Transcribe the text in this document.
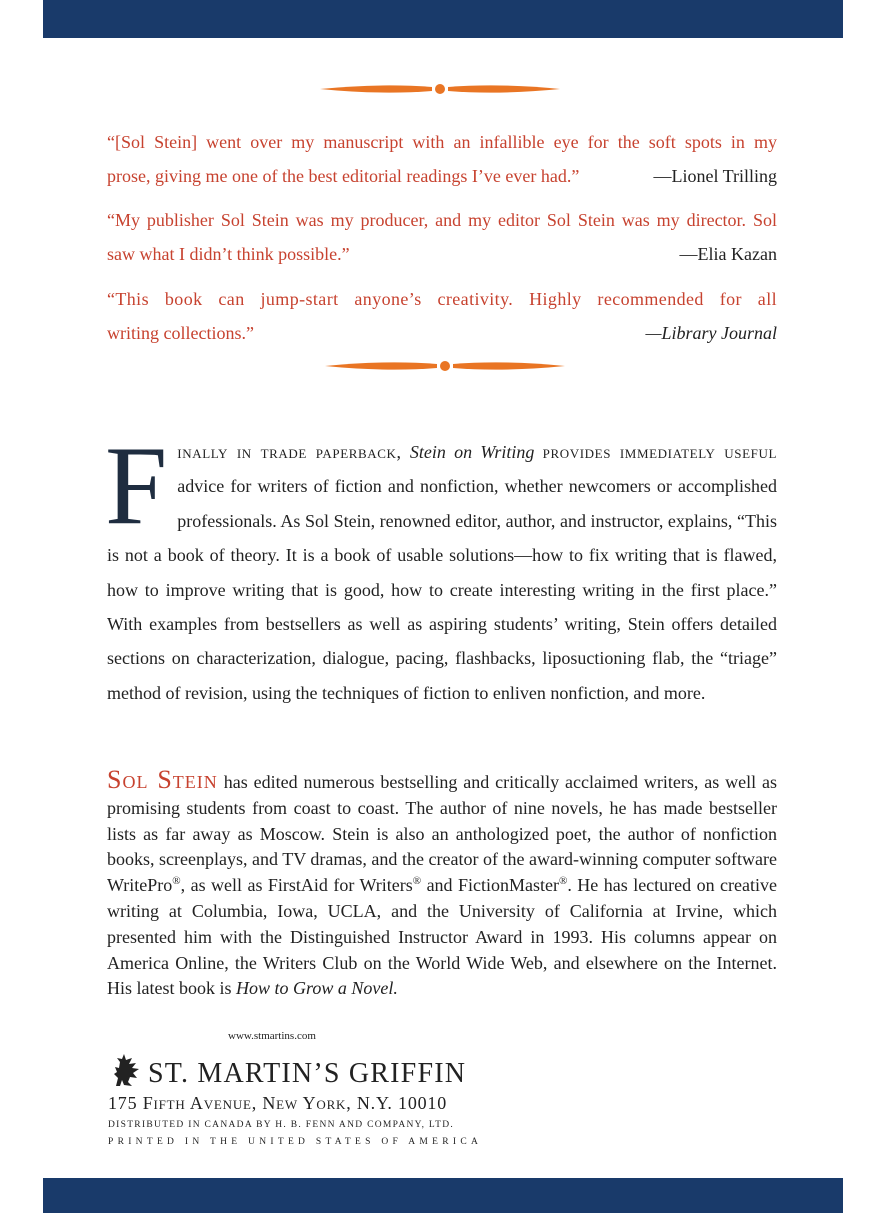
“[Sol Stein] went over my manuscript with an infallible eye for the soft spots in my
prose, giving me one of the best editorial readings I’ve ever had.”	—Lionel Trilling
“My publisher Sol Stein was my producer, and my editor Sol Stein was my director. Sol
saw what I didn’t think possible.”	—Elia Kazan
“This book can jump-start anyone’s creativity. Highly recommended for all
writing collections.”	—Library Journal
F inally in trade paperback, Stein on Writing provides immediately useful advice for writers of fiction and nonfiction, whether newcomers or accomplished professionals. As Sol Stein, renowned editor, author, and instructor, explains, “This is not a book of theory. It is a book of usable solutions—how to fix writing that is flawed, how to improve writing that is good, how to create interesting writing in the first place.” With examples from bestsellers as well as aspiring students’ writing, Stein offers detailed sections on characterization, dialogue, pacing, flashbacks, liposuctioning flab, the “triage” method of revision, using the techniques of fiction to enliven nonfiction, and more.
Sol Stein has edited numerous bestselling and critically acclaimed writers, as well as promising students from coast to coast. The author of nine novels, he has made bestseller lists as far away as Moscow. Stein is also an anthologized poet, the author of nonfiction books, screenplays, and TV dramas, and the creator of the award-winning computer software WritePro®, as well as FirstAid for Writers® and FictionMaster®. He has lectured on creative writing at Columbia, Iowa, UCLA, and the University of California at Irvine, which presented him with the Distinguished Instructor Award in 1993. His columns appear on America Online, the Writers Club on the World Wide Web, and elsewhere on the Internet. His latest book is How to Grow a Novel.
www.stmartins.com
ST. MARTIN’S GRIFFIN
175 Fifth Avenue, New York, N.Y. 10010
DISTRIBUTED IN CANADA BY H. B. FENN AND COMPANY, LTD.
PRINTED IN THE UNITED STATES OF AMERICA
